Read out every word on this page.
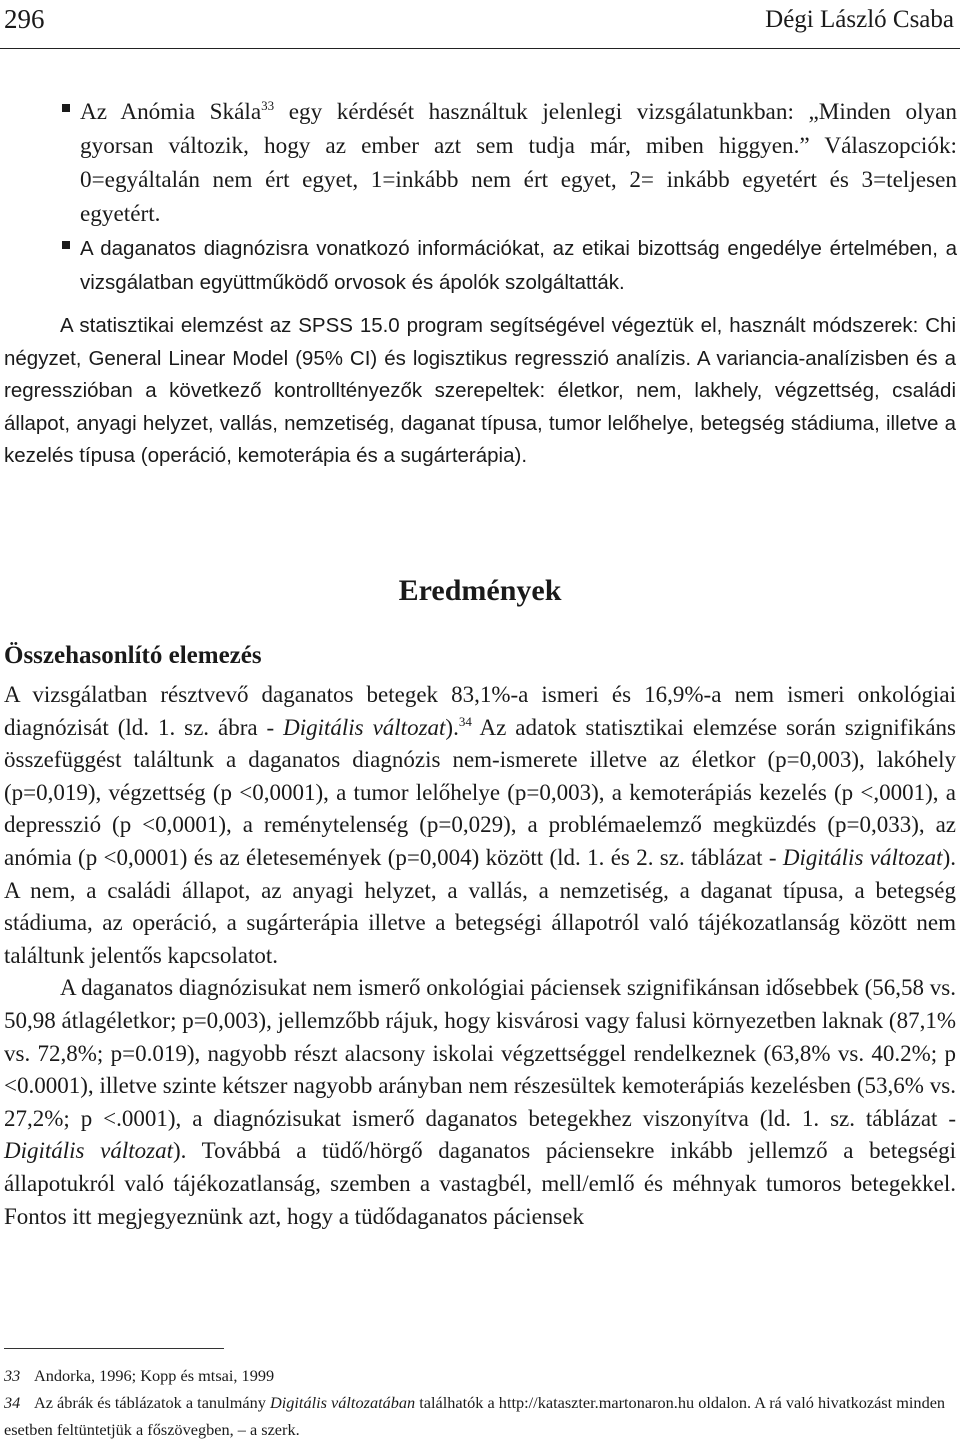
296	Dégi László Csaba
Az Anómia Skála$^{33}$ egy kérdését használtuk jelenlegi vizsgálatunkban: „Minden olyan gyorsan változik, hogy az ember azt sem tudja már, miben higgyen.” Válaszopciók: 0=egyáltalán nem ért egyet, 1=inkább nem ért egyet, 2= inkább egyetért és 3=teljesen egyetért.
A daganatos diagnózisra vonatkozó információkat, az etikai bizottság engedélye értelmében, a vizsgálatban együttműködő orvosok és ápolók szolgáltatták.
A statisztikai elemzést az SPSS 15.0 program segítségével végeztük el, használt módszerek: Chi négyzet, General Linear Model (95% CI) és logisztikus regresszió analízis. A variancia-analízisben és a regresszióban a következő kontrolltényezők szerepeltek: életkor, nem, lakhely, végzettség, családi állapot, anyagi helyzet, vallás, nemzetiség, daganat típusa, tumor lelőhelye, betegség stádiuma, illetve a kezelés típusa (operáció, kemoterápia és a sugárterápia).
Eredmények
Összehasonlító elemezés

A vizsgálatban résztvevő daganatos betegek 83,1%-a ismeri és 16,9%-a nem ismeri onkológiai diagnózisát (ld. 1. sz. ábra - Digitális változat).$^{34}$ Az adatok statisztikai elemzése során szignifikáns összefüggést találtunk a daganatos diagnózis nem-ismerete illetve az életkor (p=0,003), lakóhely (p=0,019), végzettség (p <0,0001), a tumor lelőhelye (p=0,003), a kemoterápiás kezelés (p <,0001), a depresszió (p <0,0001), a reménytelenség (p=0,029), a problémaelemző megküzdés (p=0,033), az anómia (p <0,0001) és az életesemények (p=0,004) között (ld. 1. és 2. sz. táblázat - Digitális változat). A nem, a családi állapot, az anyagi helyzet, a vallás, a nemzetiség, a daganat típusa, a betegség stádiuma, az operáció, a sugárterápia illetve a betegségi állapotról való tájékozatlanság között nem találtunk jelentős kapcsolatot.

A daganatos diagnózisukat nem ismerő onkológiai páciensek szignifikánsan idősebbek (56,58 vs. 50,98 átlagéletkor; p=0,003), jellemzőbb rájuk, hogy kisvárosi vagy falusi környezetben laknak (87,1% vs. 72,8%; p=0.019), nagyobb részt alacsony iskolai végzettséggel rendelkeznek (63,8% vs. 40.2%; p <0.0001), illetve szinte kétszer nagyobb arányban nem részesültek kemoterápiás kezelésben (53,6% vs. 27,2%; p <.0001), a diagnózisukat ismerő daganatos betegekhez viszonyítva (ld. 1. sz. táblázat - Digitális változat). Továbbá a tüdő/hörgő daganatos páciensekre inkább jellemző a betegségi állapotukról való tájékozatlanság, szemben a vastagbél, mell/emlő és méhnyak tumoros betegekkel. Fontos itt megjegyeznünk azt, hogy a tüdődaganatos páciensek

33 Andorka, 1996; Kopp és mtsai, 1999
34 Az ábrák és táblázatok a tanulmány Digitális változatában találhatók a http://kataszter.martonaron.hu oldalon. A rá való hivatkozást minden esetben feltüntetjük a főszövegben, – a szerk.
